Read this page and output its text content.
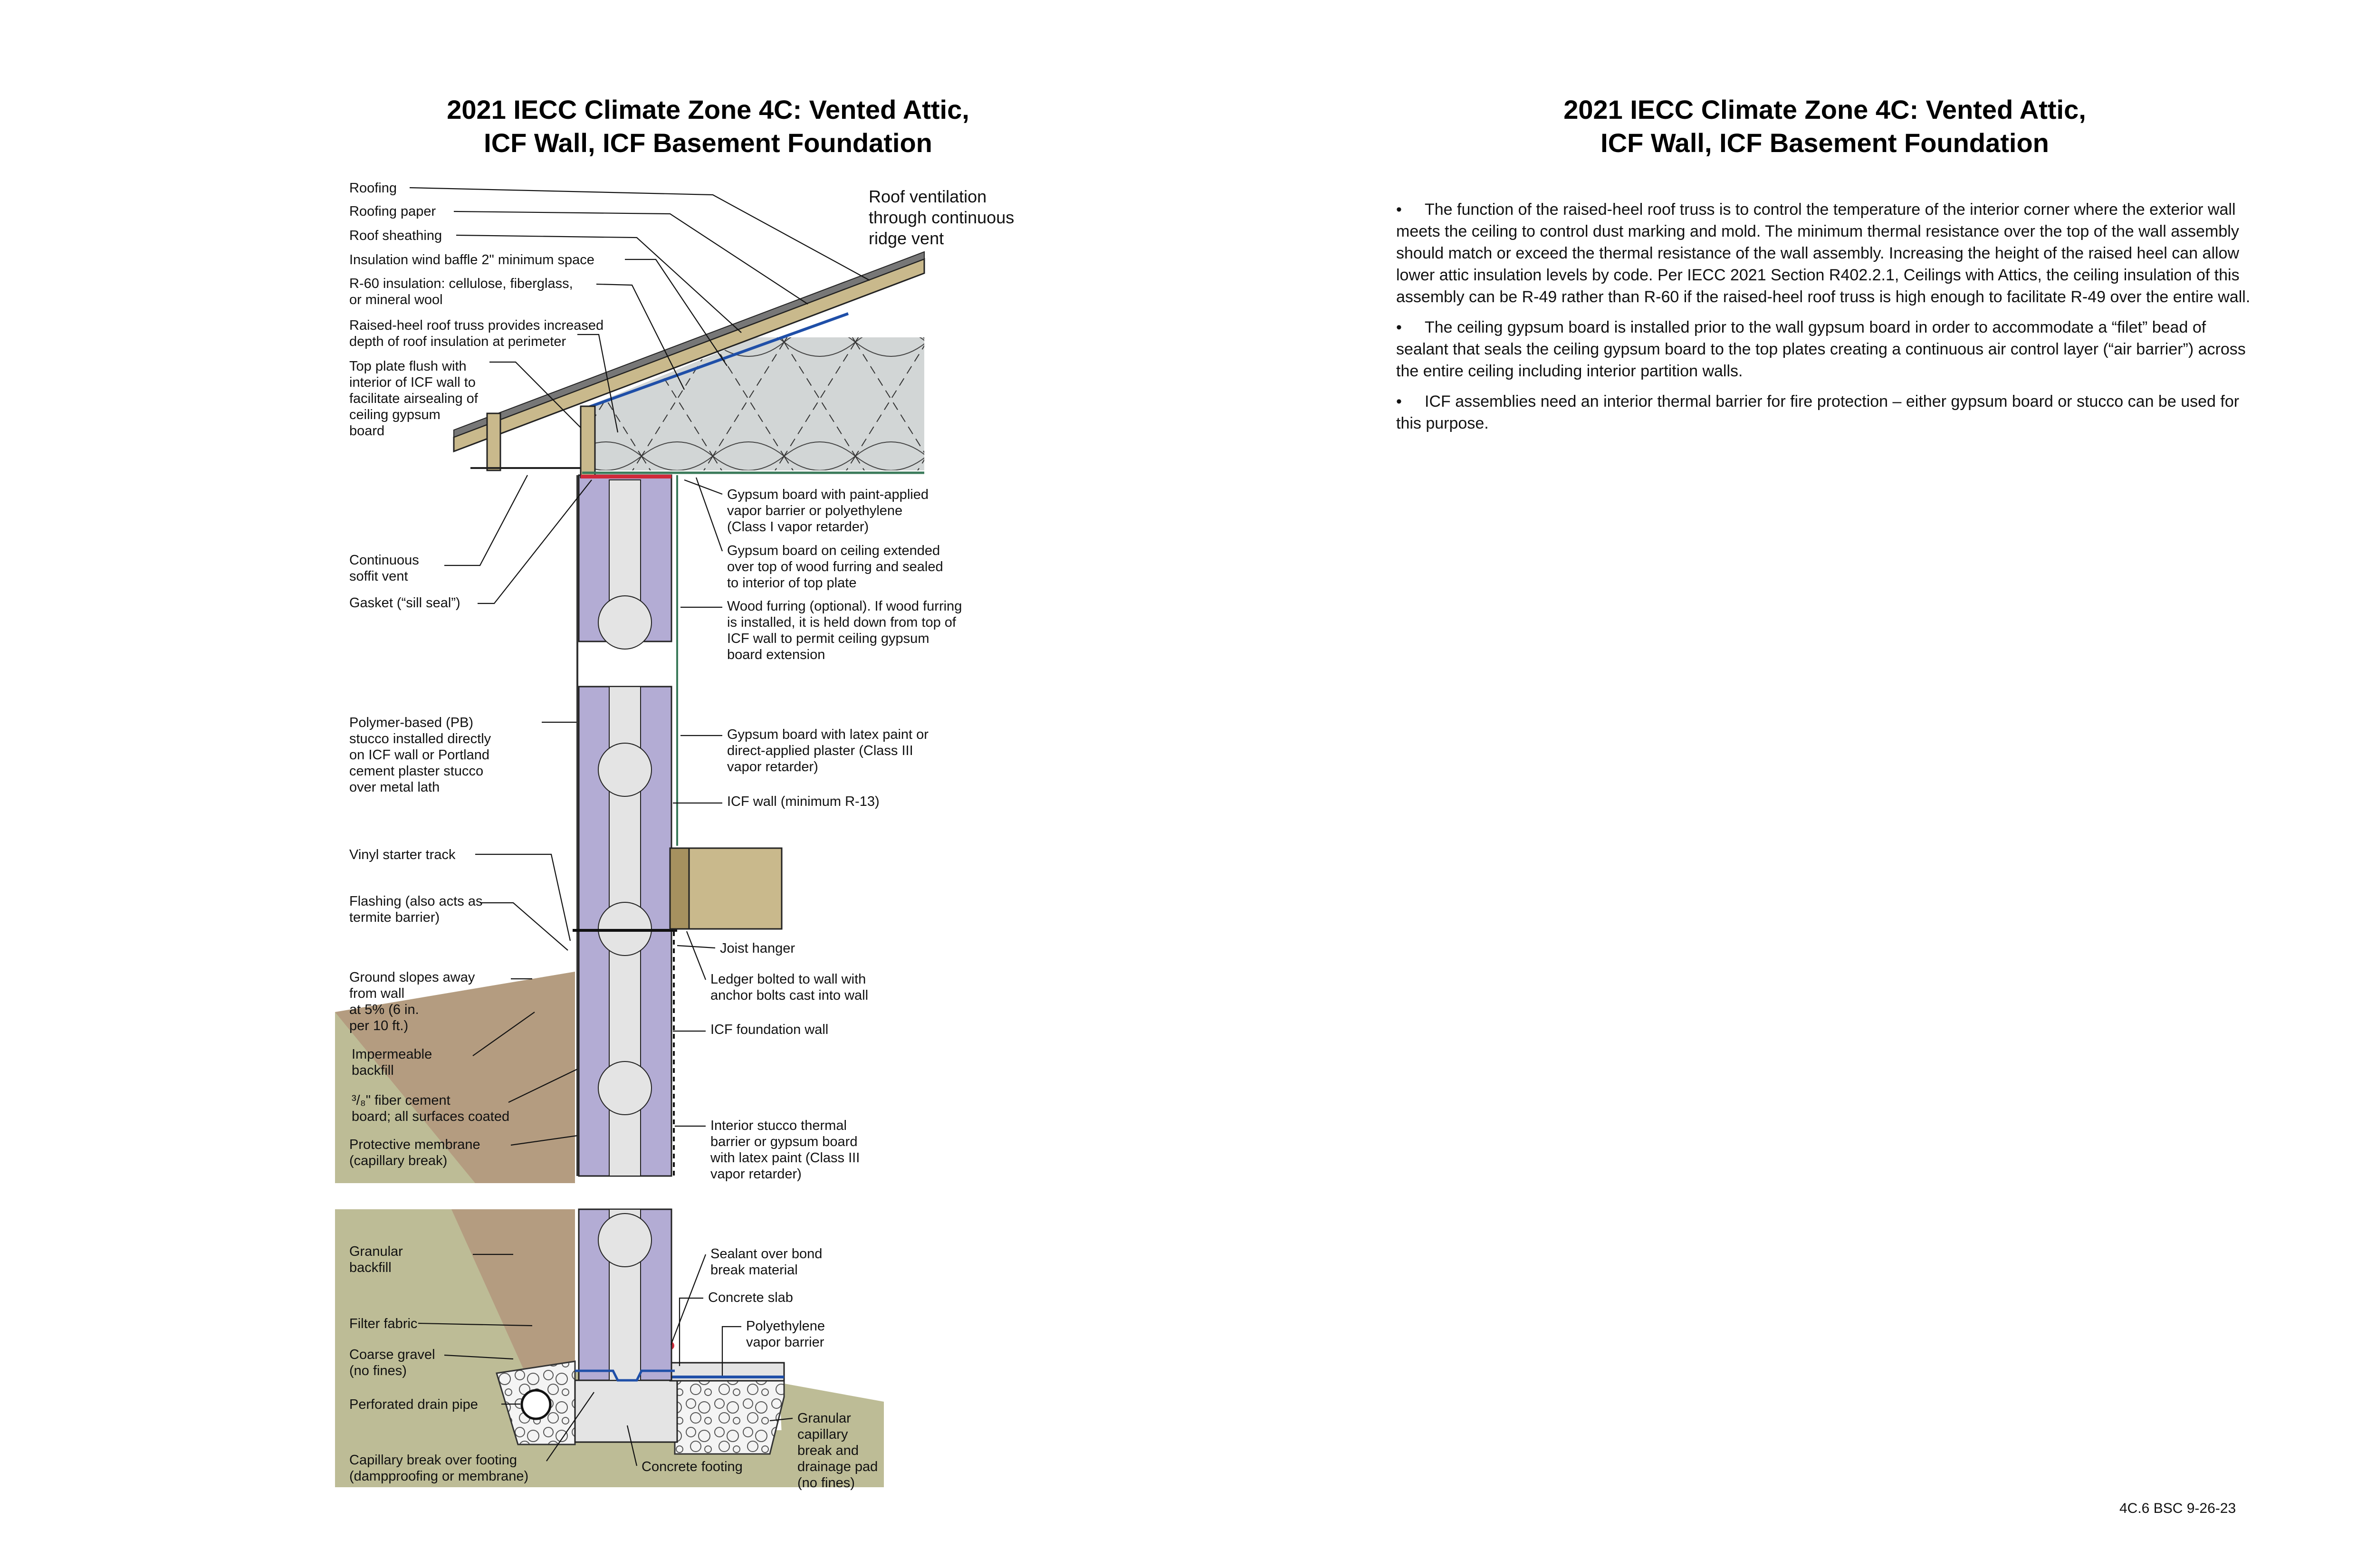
2021 IECC Climate Zone 4C: Vented Attic,
ICF Wall, ICF Basement Foundation
2021 IECC Climate Zone 4C: Vented Attic,
ICF Wall, ICF Basement Foundation

• The function of the raised-heel roof truss is to control the temperature of the interior corner where the exterior wall meets the ceiling to control dust marking and mold. The minimum thermal resistance over the top of the wall assembly should match or exceed the thermal resistance of the wall assembly. Increasing the height of the raised heel can allow lower attic insulation levels by code. Per IECC 2021 Section R402.2.1, Ceilings with Attics, the ceiling insulation of this assembly can be R-49 rather than R-60 if the raised-heel roof truss is high enough to facilitate R-49 over the entire wall.

• The ceiling gypsum board is installed prior to the wall gypsum board in order to accommodate a “filet” bead of sealant that seals the ceiling gypsum board to the top plates creating a continuous air control layer (“air barrier”) across the entire ceiling including interior partition walls.

• ICF assemblies need an interior thermal barrier for fire protection – either gypsum board or stucco can be used for this purpose.

4C.6 BSC 9-26-23
Roofing
Roofing paper
Roof sheathing
Insulation wind baffle 2" minimum space
R-60 insulation: cellulose, fiberglass, or mineral wool
Raised-heel roof truss provides increased depth of roof insulation at perimeter
Top plate flush with interior of ICF wall to facilitate airsealing of ceiling gypsum board
Continuous soffit vent
Gasket (“sill seal”)
Polymer-based (PB) stucco installed directly on ICF wall or Portland cement plaster stucco over metal lath
Vinyl starter track
Flashing (also acts as termite barrier)
Ground slopes away from wall at 5% (6 in. per 10 ft.)
Impermeable backfill
³/₈" fiber cement board; all surfaces coated
Protective membrane (capillary break)
Granular backfill
Filter fabric
Coarse gravel (no fines)
Perforated drain pipe
Capillary break over footing (dampproofing or membrane)
Concrete footing
Roof ventilation through continuous ridge vent
Gypsum board with paint-applied vapor barrier or polyethylene (Class I vapor retarder)
Gypsum board on ceiling extended over top of wood furring and sealed to interior of top plate
Wood furring (optional). If wood furring is installed, it is held down from top of ICF wall to permit ceiling gypsum board extension
Gypsum board with latex paint or direct-applied plaster (Class III vapor retarder)
ICF wall (minimum R-13)
Joist hanger
Ledger bolted to wall with anchor bolts cast into wall
ICF foundation wall
Interior stucco thermal barrier or gypsum board with latex paint (Class III vapor retarder)
Sealant over bond break material
Concrete slab
Polyethylene vapor barrier
Granular capillary break and drainage pad (no fines)
